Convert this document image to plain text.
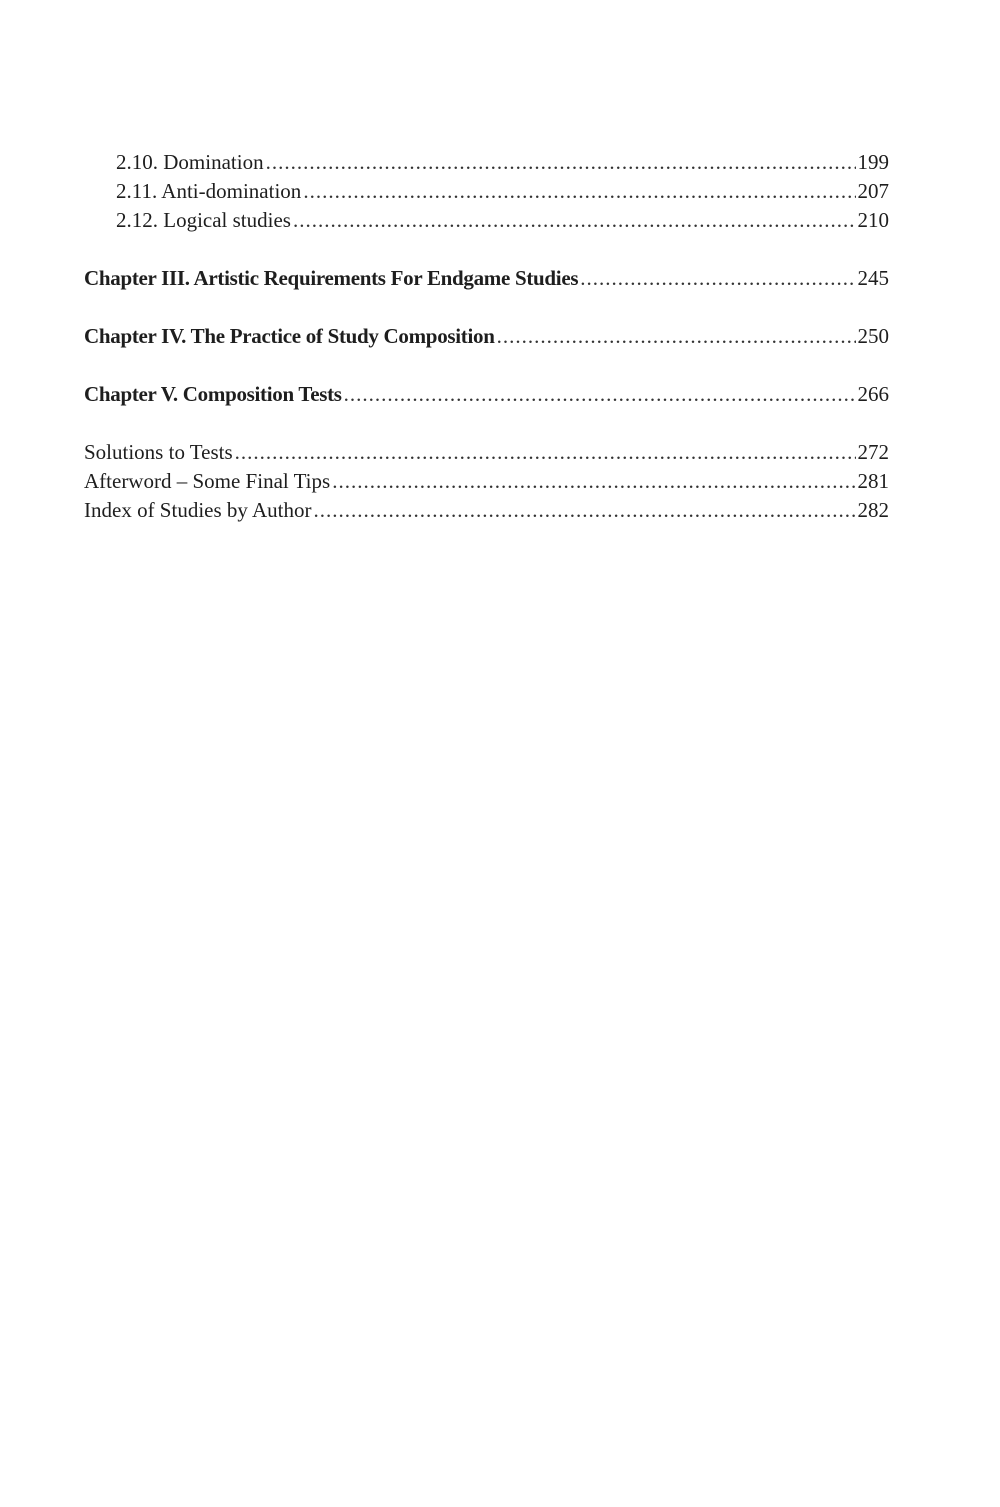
2.10. Domination .....	199
2.11. Anti-domination .....	207
2.12. Logical studies .....	210
Chapter III. Artistic Requirements For Endgame Studies .....	245
Chapter IV. The Practice of Study Composition .....	250
Chapter V. Composition Tests .....	266
Solutions to Tests .....	272
Afterword – Some Final Tips .....	281
Index of Studies by Author .....	282
